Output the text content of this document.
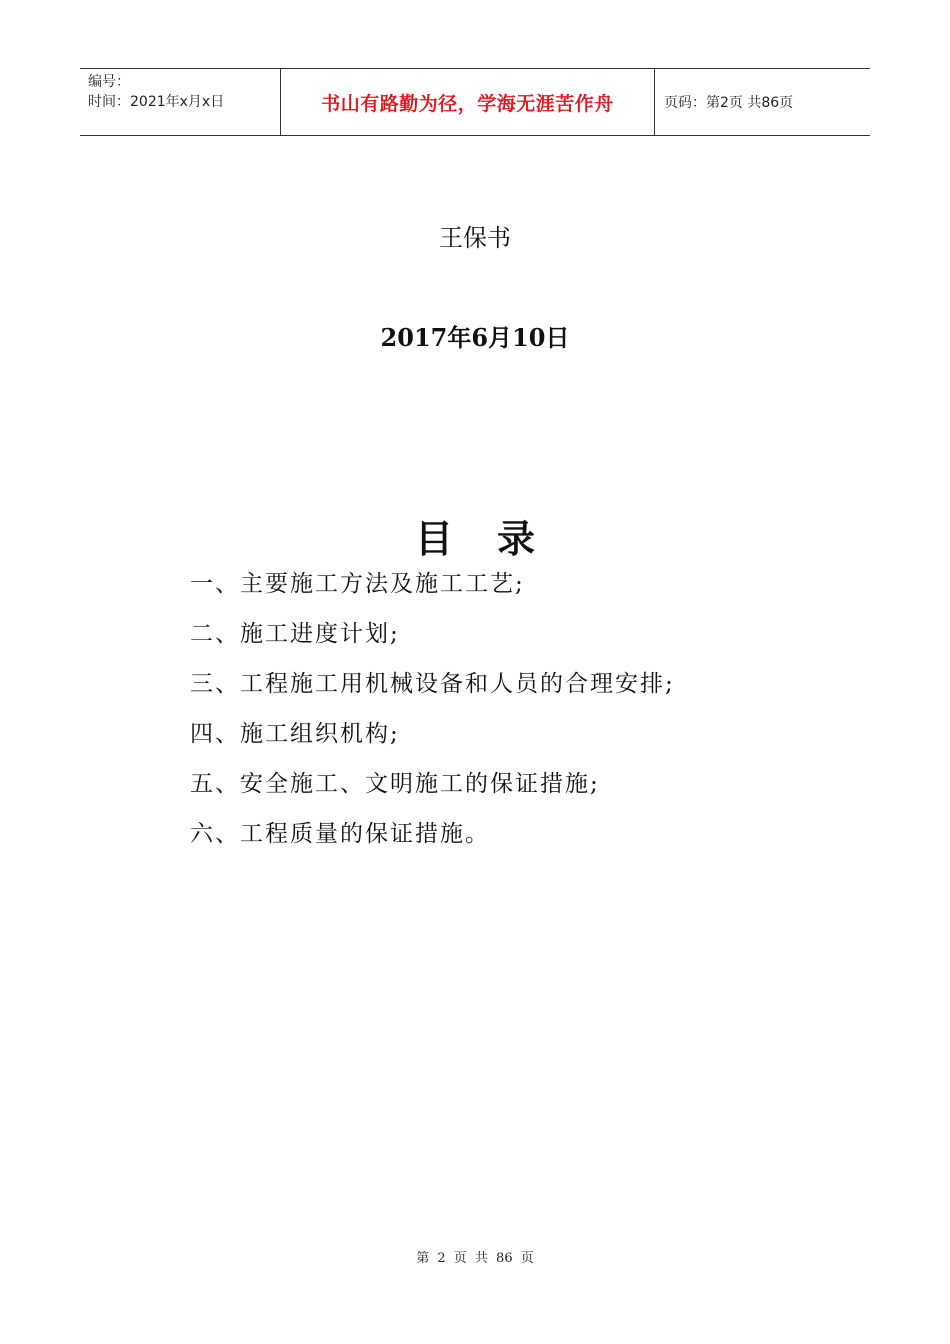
编号：
时间：2021年x月x日	书山有路勤为径，学海无涯苦作舟	页码：第2页 共86页
王保书
2017年6月10日
目录
一、主要施工方法及施工工艺;
二、施工进度计划;
三、工程施工用机械设备和人员的合理安排;
四、施工组织机构;
五、安全施工、文明施工的保证措施;
六、工程质量的保证措施。
第 2 页 共 86 页
